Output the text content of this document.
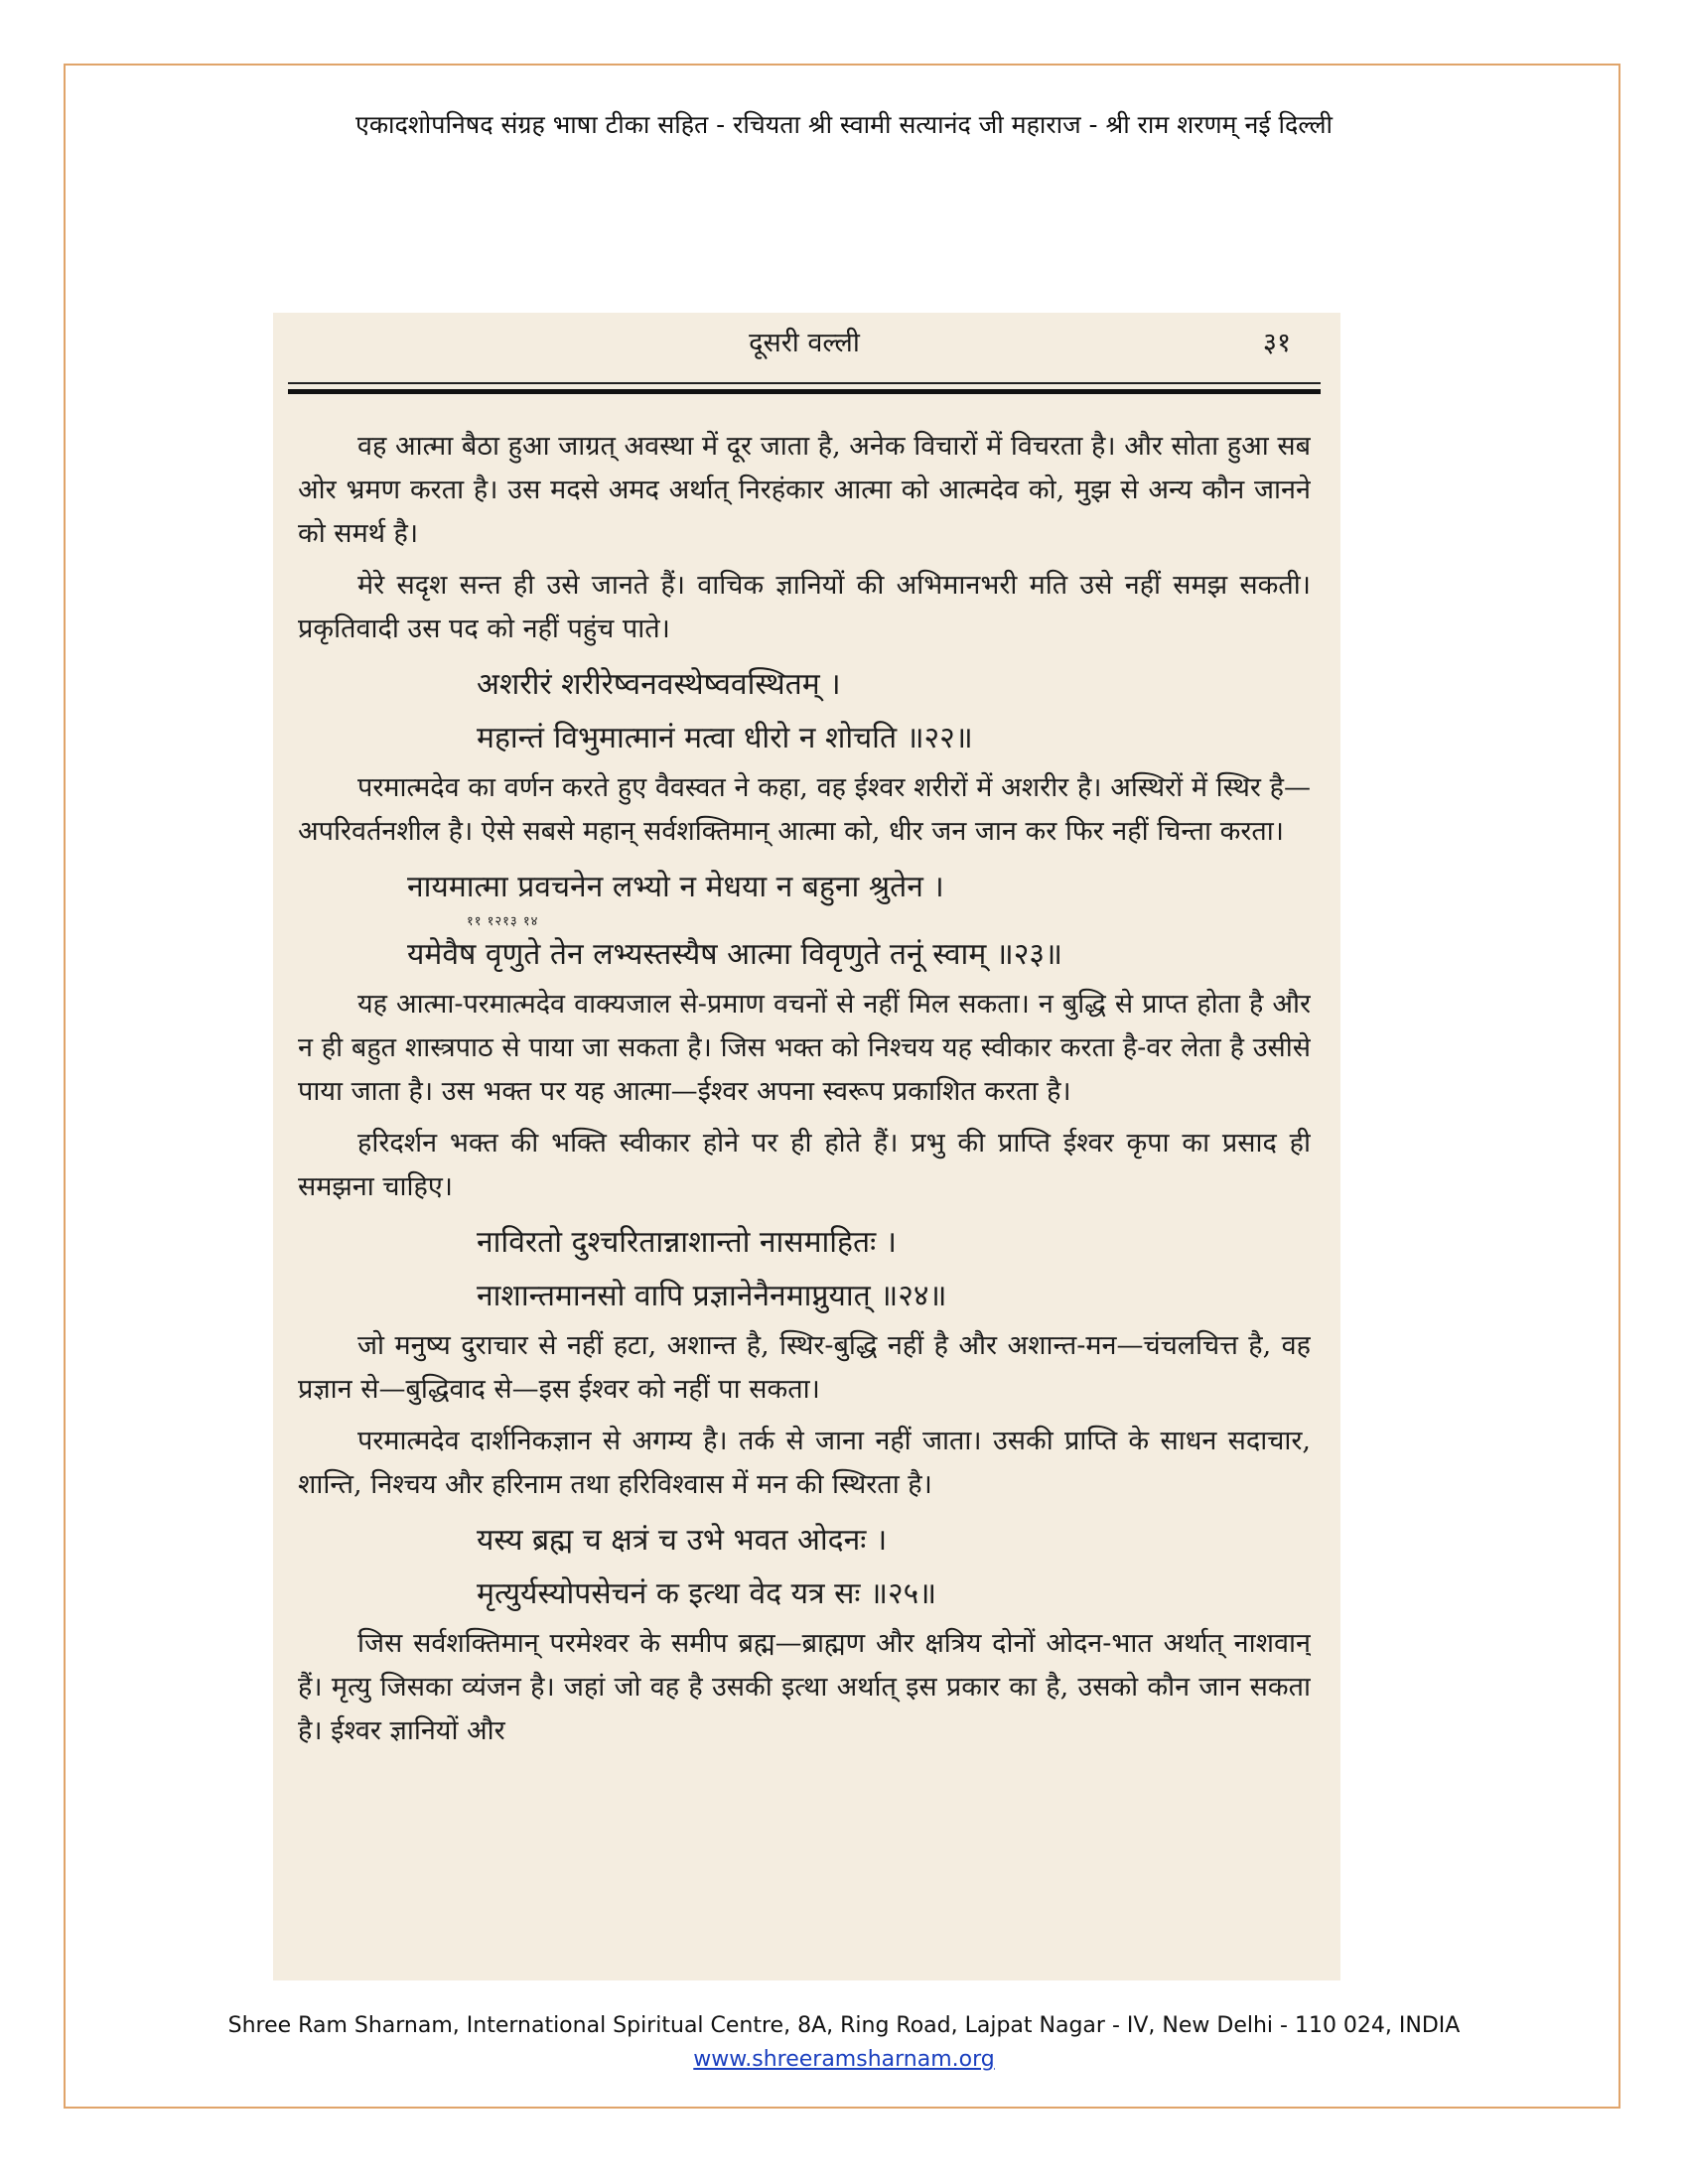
एकादशोपनिषद संग्रह भाषा टीका सहित - रचियता श्री स्वामी सत्यानंद जी महाराज - श्री राम शरणम् नई दिल्ली
दूसरी वल्ली	३१

वह आत्मा बैठा हुआ जाग्रत् अवस्था में दूर जाता है, अनेक विचारों में विचरता है। और सोता हुआ सब ओर भ्रमण करता है। उस मदसे अमद अर्थात् निरहंकार आत्मा को आत्मदेव को, मुझ से अन्य कौन जानने को समर्थ है।

मेरे सदृश सन्त ही उसे जानते हैं। वाचिक ज्ञानियों की अभिमानभरी मति उसे नहीं समझ सकती। प्रकृतिवादी उस पद को नहीं पहुंच पाते।

अशरीरं शरीरेष्वनवस्थेष्ववस्थितम् ।
महान्तं विभुमात्मानं मत्वा धीरो न शोचति ॥२२॥

परमात्मदेव का वर्णन करते हुए वैवस्वत ने कहा, वह ईश्वर शरीरों में अशरीर है। अस्थिरों में स्थिर है—अपरिवर्तनशील है। ऐसे सबसे महान् सर्वशक्तिमान् आत्मा को, धीर जन जान कर फिर नहीं चिन्ता करता।

नायमात्मा प्रवचनेन लभ्यो न मेधया न बहुना श्रुतेन ।
११ १२१३ १४
यमेवैष वृणुते तेन लभ्यस्तस्यैष आत्मा विवृणुते तनूं स्वाम् ॥२३॥

यह आत्मा-परमात्मदेव वाक्यजाल से-प्रमाण वचनों से नहीं मिल सकता। न बुद्धि से प्राप्त होता है और न ही बहुत शास्त्रपाठ से पाया जा सकता है। जिस भक्त को निश्चय यह स्वीकार करता है-वर लेता है उसीसे पाया जाता है। उस भक्त पर यह आत्मा—ईश्वर अपना स्वरूप प्रकाशित करता है।

हरिदर्शन भक्त की भक्ति स्वीकार होने पर ही होते हैं। प्रभु की प्राप्ति ईश्वर कृपा का प्रसाद ही समझना चाहिए।

नाविरतो दुश्चरितान्नाशान्तो नासमाहितः ।
नाशान्तमानसो वापि प्रज्ञानेनैनमाप्नुयात् ॥२४॥

जो मनुष्य दुराचार से नहीं हटा, अशान्त है, स्थिर-बुद्धि नहीं है और अशान्त-मन—चंचलचित्त है, वह प्रज्ञान से—बुद्धिवाद से—इस ईश्वर को नहीं पा सकता।

परमात्मदेव दार्शनिकज्ञान से अगम्य है। तर्क से जाना नहीं जाता। उसकी प्राप्ति के साधन सदाचार, शान्ति, निश्चय और हरिनाम तथा हरिविश्वास में मन की स्थिरता है।

यस्य ब्रह्म च क्षत्रं च उभे भवत ओदनः ।
मृत्युर्यस्योपसेचनं क इत्था वेद यत्र सः ॥२५॥

जिस सर्वशक्तिमान् परमेश्वर के समीप ब्रह्म—ब्राह्मण और क्षत्रिय दोनों ओदन-भात अर्थात् नाशवान् हैं। मृत्यु जिसका व्यंजन है। जहां जो वह है उसकी इत्था अर्थात् इस प्रकार का है, उसको कौन जान सकता है। ईश्वर ज्ञानियों और

Shree Ram Sharnam, International Spiritual Centre, 8A, Ring Road, Lajpat Nagar - IV, New Delhi - 110 024, INDIA
www.shreeramsharnam.org
